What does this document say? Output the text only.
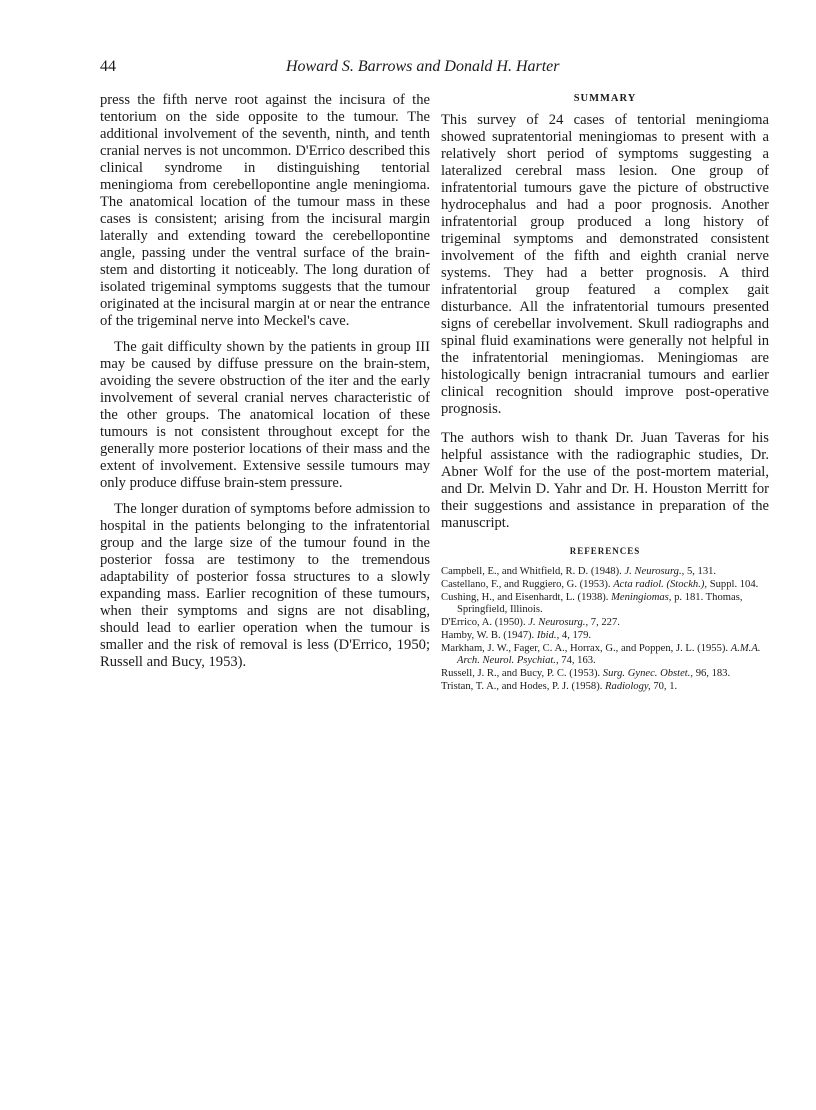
44	Howard S. Barrows and Donald H. Harter

press the fifth nerve root against the incisura of the tentorium on the side opposite to the tumour. The additional involvement of the seventh, ninth, and tenth cranial nerves is not uncommon. D'Errico described this clinical syndrome in distinguishing tentorial meningioma from cerebellopontine angle meningioma. The anatomical location of the tumour mass in these cases is consistent; arising from the incisural margin laterally and extending toward the cerebellopontine angle, passing under the ventral surface of the brain-stem and distorting it noticeably. The long duration of isolated trigeminal symptoms suggests that the tumour originated at the incisural margin at or near the entrance of the trigeminal nerve into Meckel's cave.

The gait difficulty shown by the patients in group III may be caused by diffuse pressure on the brain-stem, avoiding the severe obstruction of the iter and the early involvement of several cranial nerves characteristic of the other groups. The anatomical location of these tumours is not consistent throughout except for the generally more posterior locations of their mass and the extent of involvement. Extensive sessile tumours may only produce diffuse brain-stem pressure.

The longer duration of symptoms before admission to hospital in the patients belonging to the infratentorial group and the large size of the tumour found in the posterior fossa are testimony to the tremendous adaptability of posterior fossa structures to a slowly expanding mass. Earlier recognition of these tumours, when their symptoms and signs are not disabling, should lead to earlier operation when the tumour is smaller and the risk of removal is less (D'Errico, 1950; Russell and Bucy, 1953).

SUMMARY

This survey of 24 cases of tentorial meningioma showed supratentorial meningiomas to present with a relatively short period of symptoms suggesting a lateralized cerebral mass lesion. One group of infratentorial tumours gave the picture of obstructive hydrocephalus and had a poor prognosis. Another infratentorial group produced a long history of trigeminal symptoms and demonstrated consistent involvement of the fifth and eighth cranial nerve systems. They had a better prognosis. A third infratentorial group featured a complex gait disturbance. All the infratentorial tumours presented signs of cerebellar involvement. Skull radiographs and spinal fluid examinations were generally not helpful in the infratentorial meningiomas. Meningiomas are histologically benign intracranial tumours and earlier clinical recognition should improve post-operative prognosis.

The authors wish to thank Dr. Juan Taveras for his helpful assistance with the radiographic studies, Dr. Abner Wolf for the use of the post-mortem material, and Dr. Melvin D. Yahr and Dr. H. Houston Merritt for their suggestions and assistance in preparation of the manuscript.

REFERENCES
Campbell, E., and Whitfield, R. D. (1948). J. Neurosurg., 5, 131.
Castellano, F., and Ruggiero, G. (1953). Acta radiol. (Stockh.), Suppl. 104.
Cushing, H., and Eisenhardt, L. (1938). Meningiomas, p. 181. Thomas, Springfield, Illinois.
D'Errico, A. (1950). J. Neurosurg., 7, 227.
Hamby, W. B. (1947). Ibid., 4, 179.
Markham, J. W., Fager, C. A., Horrax, G., and Poppen, J. L. (1955). A.M.A. Arch. Neurol. Psychiat., 74, 163.
Russell, J. R., and Bucy, P. C. (1953). Surg. Gynec. Obstet., 96, 183.
Tristan, T. A., and Hodes, P. J. (1958). Radiology, 70, 1.
